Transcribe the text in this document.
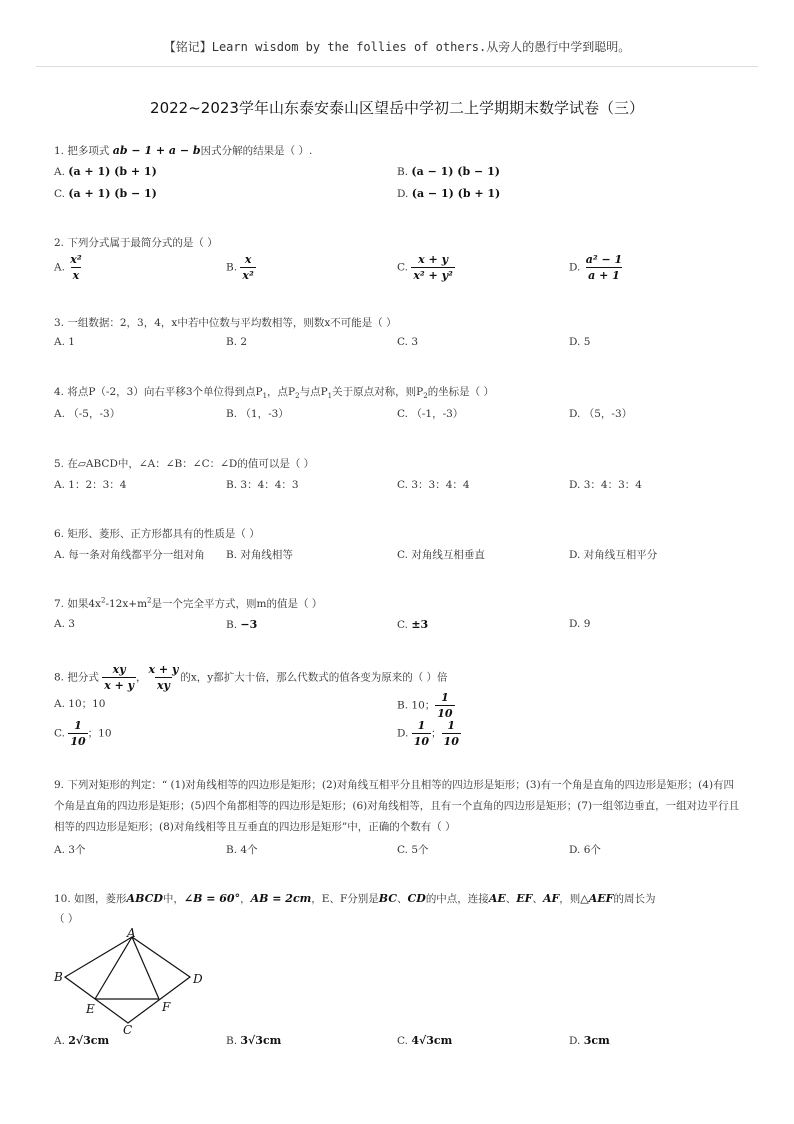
【铭记】Learn wisdom by the follies of others.从旁人的愚行中学到聪明。
2022~2023学年山东泰安泰山区望岳中学初二上学期期末数学试卷（三）
1. 把多项式 ab − 1 + a − b因式分解的结果是（ ）.
A. (a + 1) (b + 1)	B. (a − 1) (b − 1)
C. (a + 1) (b − 1)	D. (a − 1) (b + 1)
2. 下列分式属于最简分式的是（ ）
A. $\frac{\text{x²}}{x}$	B. $\frac{x}{\text{x²}}$	C. $\frac{x + y}{\text{x² + y²}}$	D. $\frac{\text{a² − 1}}{a + 1}$
3. 一组数据：2，3，4，x中若中位数与平均数相等，则数x不可能是（ ）
A. 1	B. 2	C. 3	D. 5
4. 将点P（-2，3）向右平移3个单位得到点$P_1$，点$P_2$与点$P_1$关于原点对称，则$P_2$的坐标是（ ）
A. （-5，-3）	B. （1，-3）	C. （-1，-3）	D. （5，-3）
5. 在▱ABCD中，∠A：∠B：∠C：∠D的值可以是（ ）
A. 1：2：3：4	B. 3：4：4：3	C. 3：3：4：4	D. 3：4：3：4
6. 矩形、菱形、正方形都具有的性质是（ ）
A. 每一条对角线都平分一组对角 B. 对角线相等	C. 对角线互相垂直	D. 对角线互相平分
7. 如果$4x^2-12x+m^2$是一个完全平方式，则m的值是（ ）
A. 3	B. −3	C. ±3	D. 9
8. 把分式 $\frac{xy}{x + y}$ ， $\frac{x + y}{xy}$ 的x，y都扩大十倍，那么代数式的值各变为原来的（ ）倍
A. 10；10	B. 10； $\frac{1}{10}$
C. $\frac{1}{10}$ ；10	D. $\frac{1}{10}$ ； $\frac{1}{10}$
9. 下列对矩形的判定：“ (1)对角线相等的四边形是矩形；(2)对角线互相平分且相等的四边形是矩形；(3)有一个角是直角的四边形是矩形；(4)有四个角是直角的四边形是矩形；(5)四个角都相等的四边形是矩形；(6)对角线相等，且有一个直角的四边形是矩形；(7)一组邻边垂直，一组对边平行且相等的四边形是矩形；(8)对角线相等且互垂直的四边形是矩形”中，正确的个数有（ ）
A. 3个	B. 4个	C. 5个	D. 6个
10. 如图，菱形ABCD中，∠B = 60°，AB = 2cm，E、F分别是BC、CD的中点，连接AE、EF、AF，则△AEF的周长为
（ ）
A
B
C
D
E	F
A. 2√3cm	B. 3√3cm	C. 4√3cm	D. 3cm
